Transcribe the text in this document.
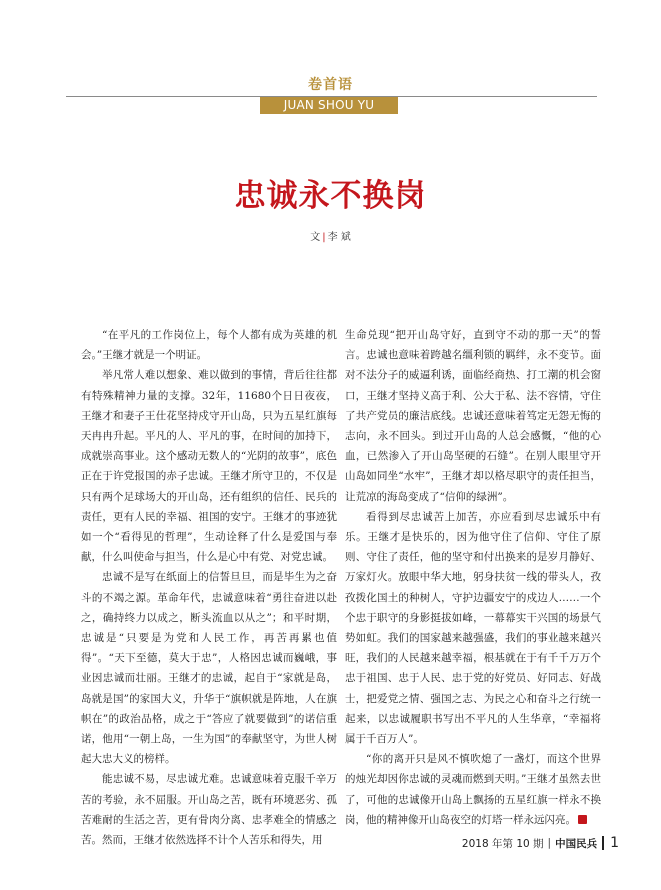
卷首语
JUAN SHOU YU
忠诚永不换岗
文 | 李 斌

“在平凡的工作岗位上，每个人都有成为英雄的机会。”王继才就是一个明证。

举凡常人难以想象、难以做到的事情，背后往往都有特殊精神力量的支撑。32年，11680个日日夜夜，王继才和妻子王仕花坚持戍守开山岛，只为五星红旗每天冉冉升起。平凡的人、平凡的事，在时间的加持下，成就崇高事业。这个感动无数人的“光阴的故事”，底色正在于许党报国的赤子忠诚。王继才所守卫的，不仅是只有两个足球场大的开山岛，还有组织的信任、民兵的责任，更有人民的幸福、祖国的安宁。王继才的事迹犹如一个“看得见的哲理”，生动诠释了什么是爱国与奉献，什么叫使命与担当，什么是心中有党、对党忠诚。

忠诚不是写在纸面上的信誓旦旦，而是毕生为之奋斗的不竭之源。革命年代，忠诚意味着“勇往奋进以赴之，确持终力以成之，断头流血以从之”；和平时期，忠诚是“只要是为党和人民工作，再苦再累也值得”。“天下至德，莫大于忠”，人格因忠诚而巍峨，事业因忠诚而壮丽。王继才的忠诚，起自于“家就是岛，岛就是国”的家国大义，升华于“旗帜就是阵地，人在旗帜在”的政治品格，成之于“答应了就要做到”的诺信重诺，他用“一朝上岛，一生为国”的奉献坚守，为世人树起大忠大义的榜样。

能忠诚不易，尽忠诚尤难。忠诚意味着克服千辛万苦的考验，永不屈服。开山岛之苦，既有环境恶劣、孤苦难耐的生活之苦，更有骨肉分离、忠孝难全的情感之苦。然而，王继才依然选择不计个人苦乐和得失，用

生命兑现“把开山岛守好，直到守不动的那一天”的誓言。忠诚也意味着跨越名缰利锁的羁绊，永不变节。面对不法分子的威逼利诱，面临经商热、打工潮的机会窗口，王继才坚持义高于利、公大于私、法不容情，守住了共产党员的廉洁底线。忠诚还意味着笃定无怨无悔的志向，永不回头。到过开山岛的人总会感慨，“他的心血，已然渗入了开山岛坚硬的石缝”。在别人眼里守开山岛如同坐“水牢”，王继才却以格尽职守的责任担当，让荒凉的海岛变成了“信仰的绿洲”。

看得到尽忠诚苦上加苦，亦应看到尽忠诚乐中有乐。王继才是快乐的，因为他守住了信仰、守住了原则、守住了责任，他的坚守和付出换来的是岁月静好、万家灯火。放眼中华大地，躬身扶贫一线的带头人，孜孜拨化国土的种树人，守护边疆安宁的戍边人……一个个忠于职守的身影挺拔如峰，一幕幕实干兴国的场景气势如虹。我们的国家越来越强盛，我们的事业越来越兴旺，我们的人民越来越幸福，根基就在于有千千万万个忠于祖国、忠于人民、忠于党的好党员、好同志、好战士，把爱党之情、强国之志、为民之心和奋斗之行统一起来，以忠诚履职书写出不平凡的人生华章，“幸福将属于千百万人”。

“你的离开只是风不慎吹熄了一盏灯，而这个世界的烛光却因你忠诚的灵魂而燃到天明。”王继才虽然去世了，可他的忠诚像开山岛上飘扬的五星红旗一样永不换岗，他的精神像开山岛夜空的灯塔一样永远闪亮。

2018 年第 10 期 | 中国民兵 1
